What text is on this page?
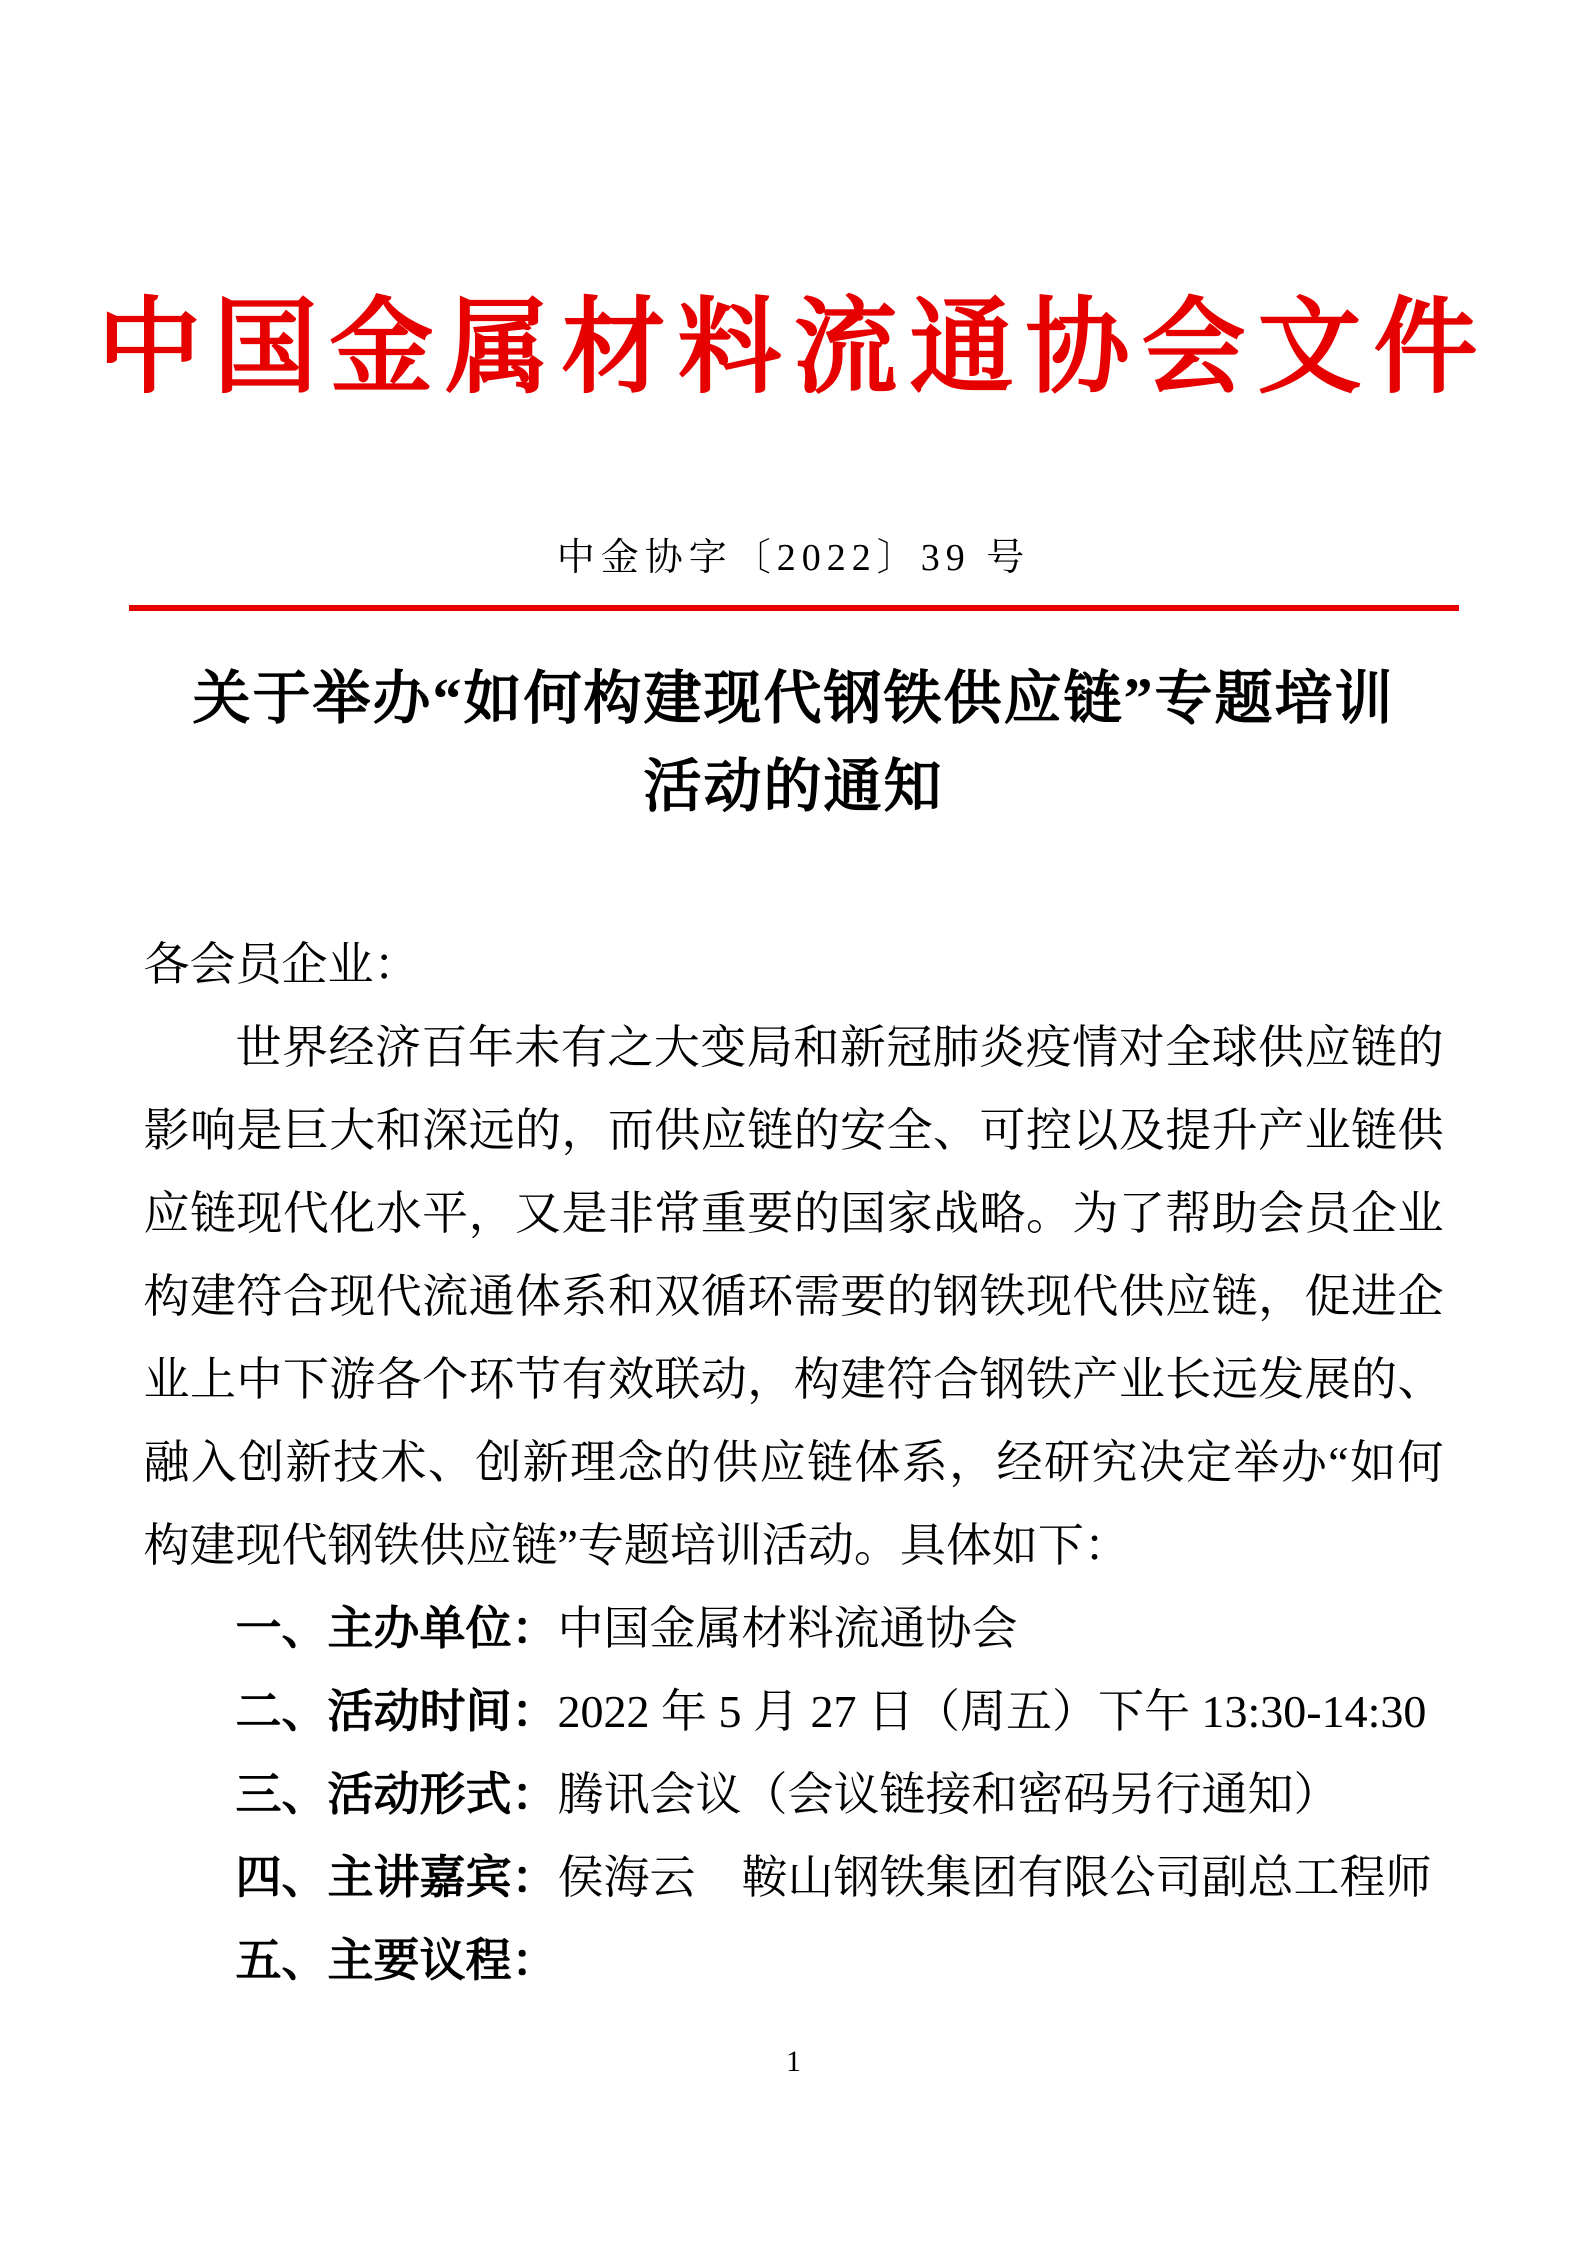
中国金属材料流通协会文件
中金协字〔2022〕39 号
关于举办“如何构建现代钢铁供应链”专题培训
活动的通知

各会员企业：

世界经济百年未有之大变局和新冠肺炎疫情对全球供应链的影响是巨大和深远的，而供应链的安全、可控以及提升产业链供应链现代化水平，又是非常重要的国家战略。为了帮助会员企业构建符合现代流通体系和双循环需要的钢铁现代供应链，促进企业上中下游各个环节有效联动，构建符合钢铁产业长远发展的、融入创新技术、创新理念的供应链体系，经研究决定举办“如何构建现代钢铁供应链”专题培训活动。具体如下：

一、主办单位：中国金属材料流通协会

二、活动时间：2022 年 5 月 27 日（周五）下午 13:30-14:30

三、活动形式：腾讯会议（会议链接和密码另行通知）

四、主讲嘉宾：侯海云　鞍山钢铁集团有限公司副总工程师

五、主要议程：

1
